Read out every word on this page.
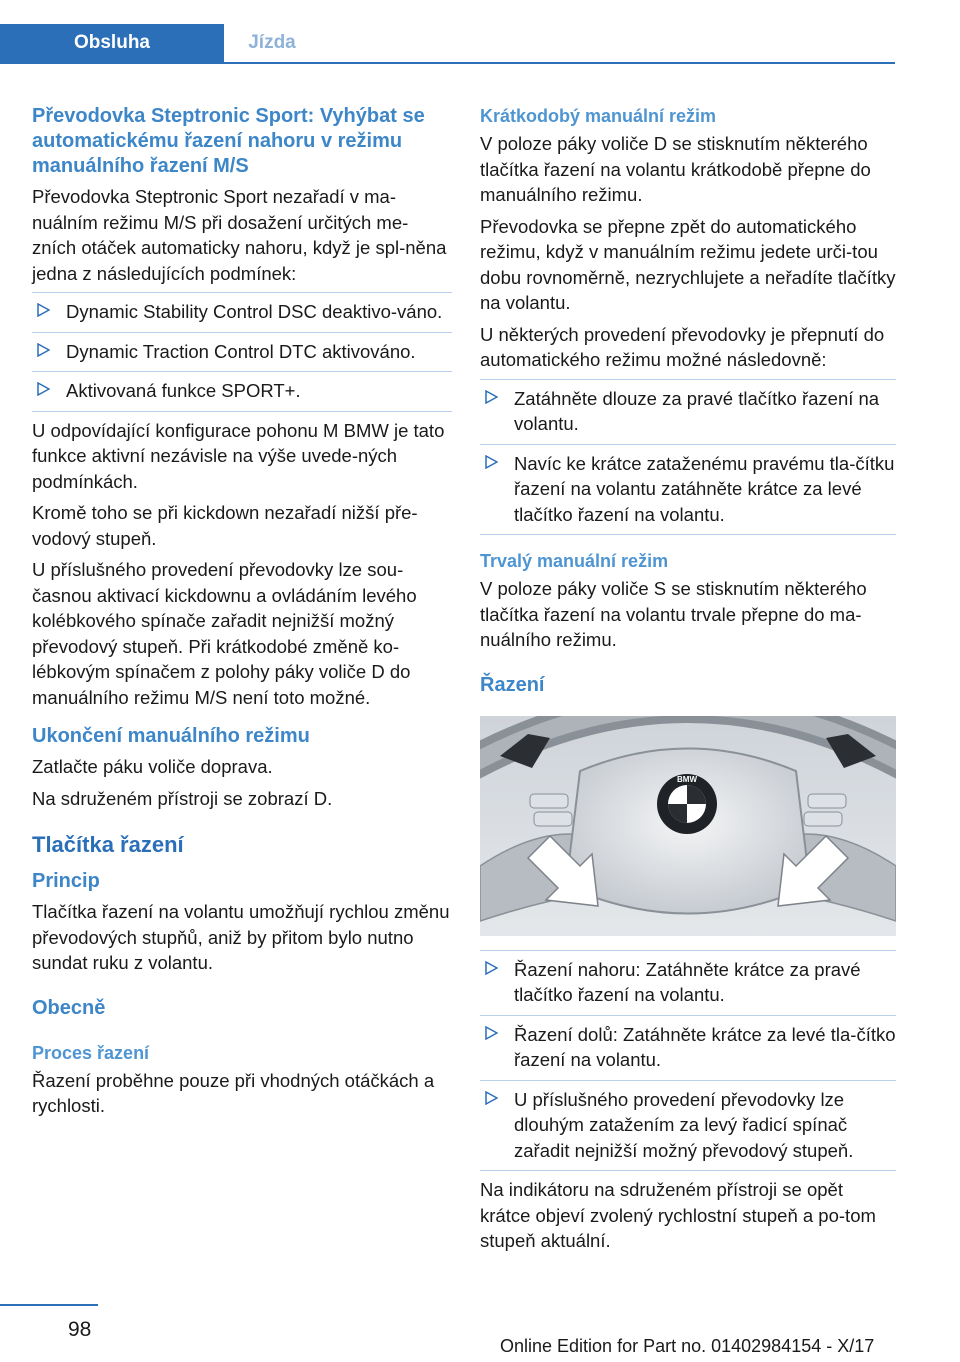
Obsluha	Jízda
Převodovka Steptronic Sport: Vyhýbat se automatickému řazení nahoru v režimu manuálního řazení M/S

Převodovka Steptronic Sport nezařadí v ma‐nuálním režimu M/S při dosažení určitých me‐zních otáček automaticky nahoru, když je spl‐něna jedna z následujících podmínek:

Dynamic Stability Control DSC deaktivo‐váno.
Dynamic Traction Control DTC aktivováno.
Aktivovaná funkce SPORT+.

U odpovídající konfigurace pohonu M BMW je tato funkce aktivní nezávisle na výše uvede‐ných podmínkách.

Kromě toho se při kickdown nezařadí nižší pře‐vodový stupeň.

U příslušného provedení převodovky lze sou‐časnou aktivací kickdownu a ovládáním levého kolébkového spínače zařadit nejnižší možný převodový stupeň. Při krátkodobé změně ko‐lébkovým spínačem z polohy páky voliče D do manuálního režimu M/S není toto možné.

Ukončení manuálního režimu

Zatlačte páku voliče doprava.

Na sdruženém přístroji se zobrazí D.

Tlačítka řazení
Princip

Tlačítka řazení na volantu umožňují rychlou změnu převodových stupňů, aniž by přitom bylo nutno sundat ruku z volantu.

Obecně
Proces řazení

Řazení proběhne pouze při vhodných otáčkách a rychlosti.

Krátkodobý manuální režim

V poloze páky voliče D se stisknutím některého tlačítka řazení na volantu krátkodobě přepne do manuálního režimu.

Převodovka se přepne zpět do automatického režimu, když v manuálním režimu jedete urči‐tou dobu rovnoměrně, nezrychlujete a neřadíte tlačítky na volantu.

U některých provedení převodovky je přepnutí do automatického režimu možné následovně:

Zatáhněte dlouze za pravé tlačítko řazení na volantu.
Navíc ke krátce zataženému pravému tla‐čítku řazení na volantu zatáhněte krátce za levé tlačítko řazení na volantu.
Trvalý manuální režim

V poloze páky voliče S se stisknutím některého tlačítka řazení na volantu trvale přepne do ma‐nuálního režimu.

Řazení
BMW
Řazení nahoru: Zatáhněte krátce za pravé tlačítko řazení na volantu.
Řazení dolů: Zatáhněte krátce za levé tla‐čítko řazení na volantu.
U příslušného provedení převodovky lze dlouhým zatažením za levý řadicí spínač zařadit nejnižší možný převodový stupeň.

Na indikátoru na sdruženém přístroji se opět krátce objeví zvolený rychlostní stupeň a po‐tom stupeň aktuální.

98
Online Edition for Part no. 01402984154 - X/17
